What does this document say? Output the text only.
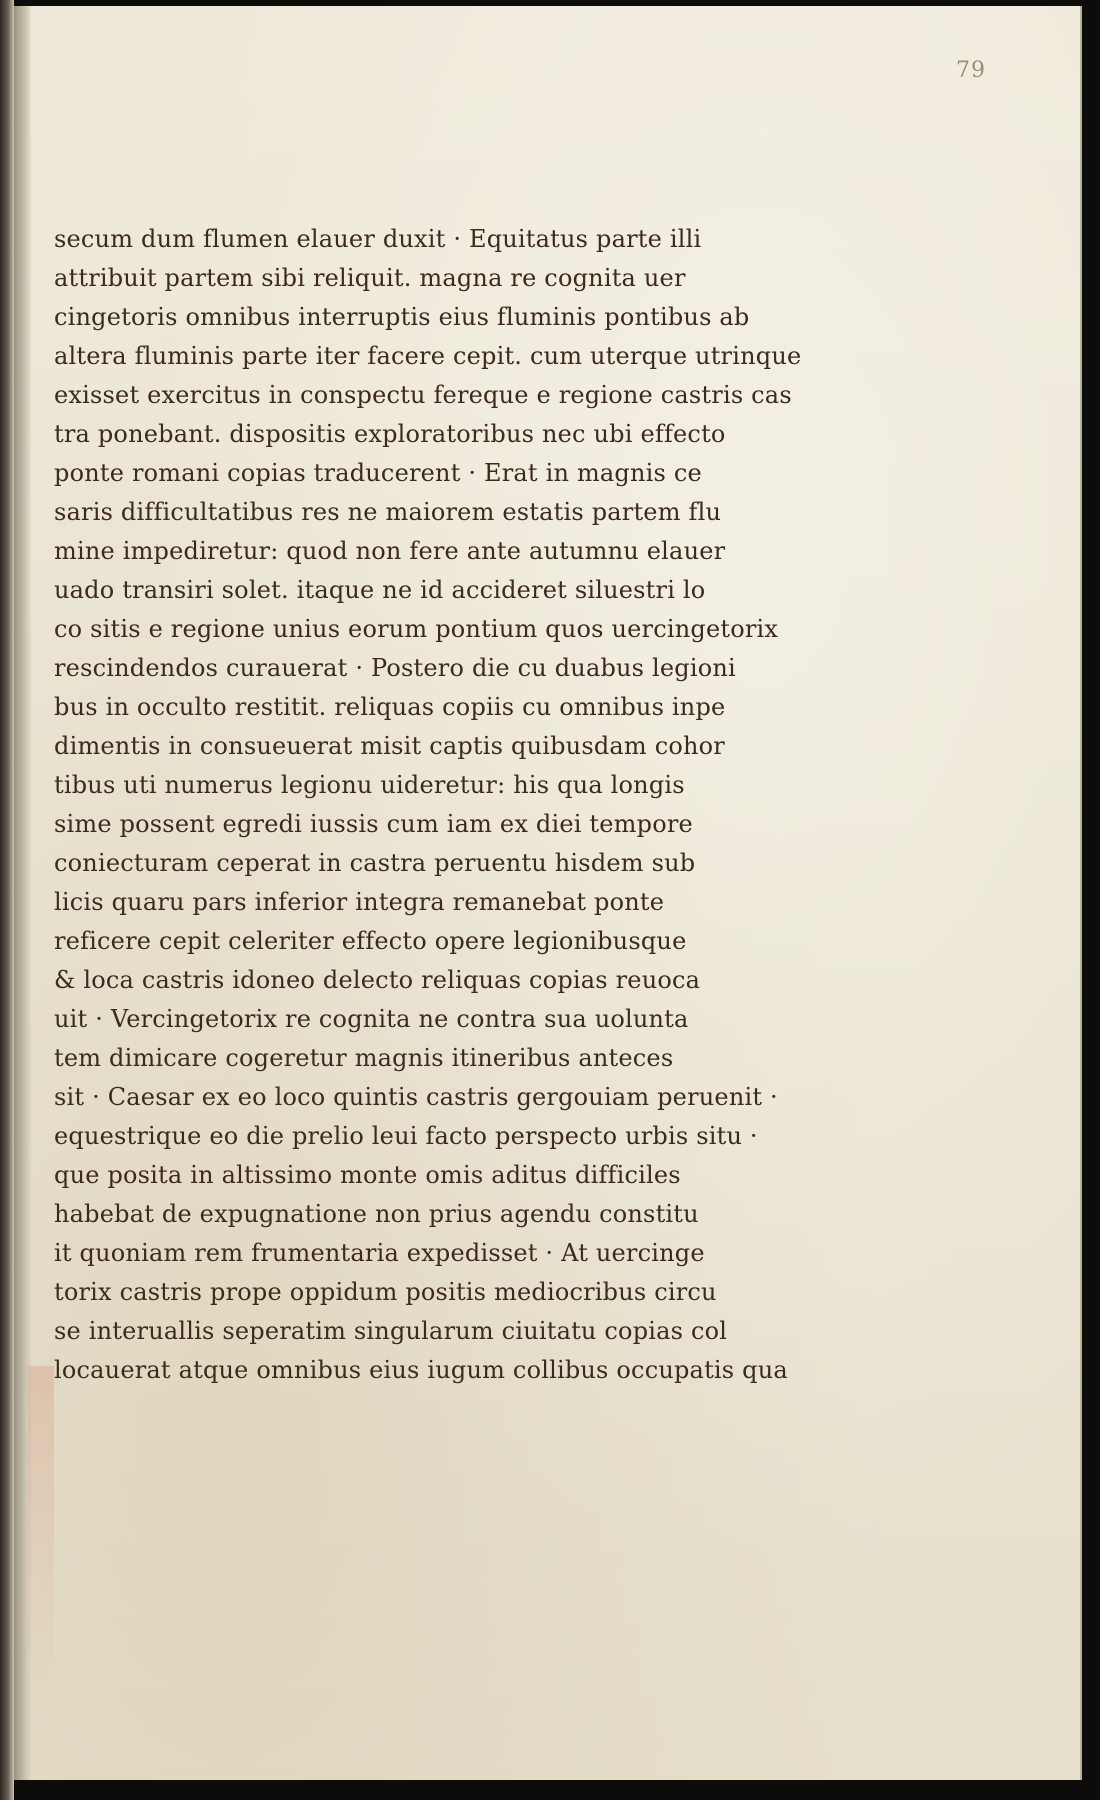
79
secum dum flumen elauer duxit · Equitatus parte illi
attribuit partem sibi reliquit. magna re cognita uer
cingetoris omnibus interruptis eius fluminis pontibus ab
altera fluminis parte iter facere cepit. cum uterque utrinque
exisset exercitus in conspectu fereque e regione castris cas
tra ponebant. dispositis exploratoribus nec ubi effecto
ponte romani copias traducerent · Erat in magnis ce
saris difficultatibus res ne maiorem estatis partem flu
mine impediretur: quod non fere ante autumnu elauer
uado transiri solet. itaque ne id accideret siluestri lo
co sitis e regione unius eorum pontium quos uercingetorix
rescindendos curauerat · Postero die cu duabus legioni
bus in occulto restitit. reliquas copiis cu omnibus inpe
dimentis in consueuerat misit captis quibusdam cohor
tibus uti numerus legionu uideretur: his qua longis
sime possent egredi iussis cum iam ex diei tempore
coniecturam ceperat in castra peruentu hisdem sub
licis quaru pars inferior integra remanebat ponte
reficere cepit celeriter effecto opere legionibusque
& loca castris idoneo delecto reliquas copias reuoca
uit · Vercingetorix re cognita ne contra sua uolunta
tem dimicare cogeretur magnis itineribus anteces
sit · Caesar ex eo loco quintis castris gergouiam peruenit ·
equestrique eo die prelio leui facto perspecto urbis situ ·
que posita in altissimo monte omis aditus difficiles
habebat de expugnatione non prius agendu constitu
it quoniam rem frumentaria expedisset · At uercinge
torix castris prope oppidum positis mediocribus circu
se interuallis seperatim singularum ciuitatu copias col
locauerat atque omnibus eius iugum collibus occupatis qua
